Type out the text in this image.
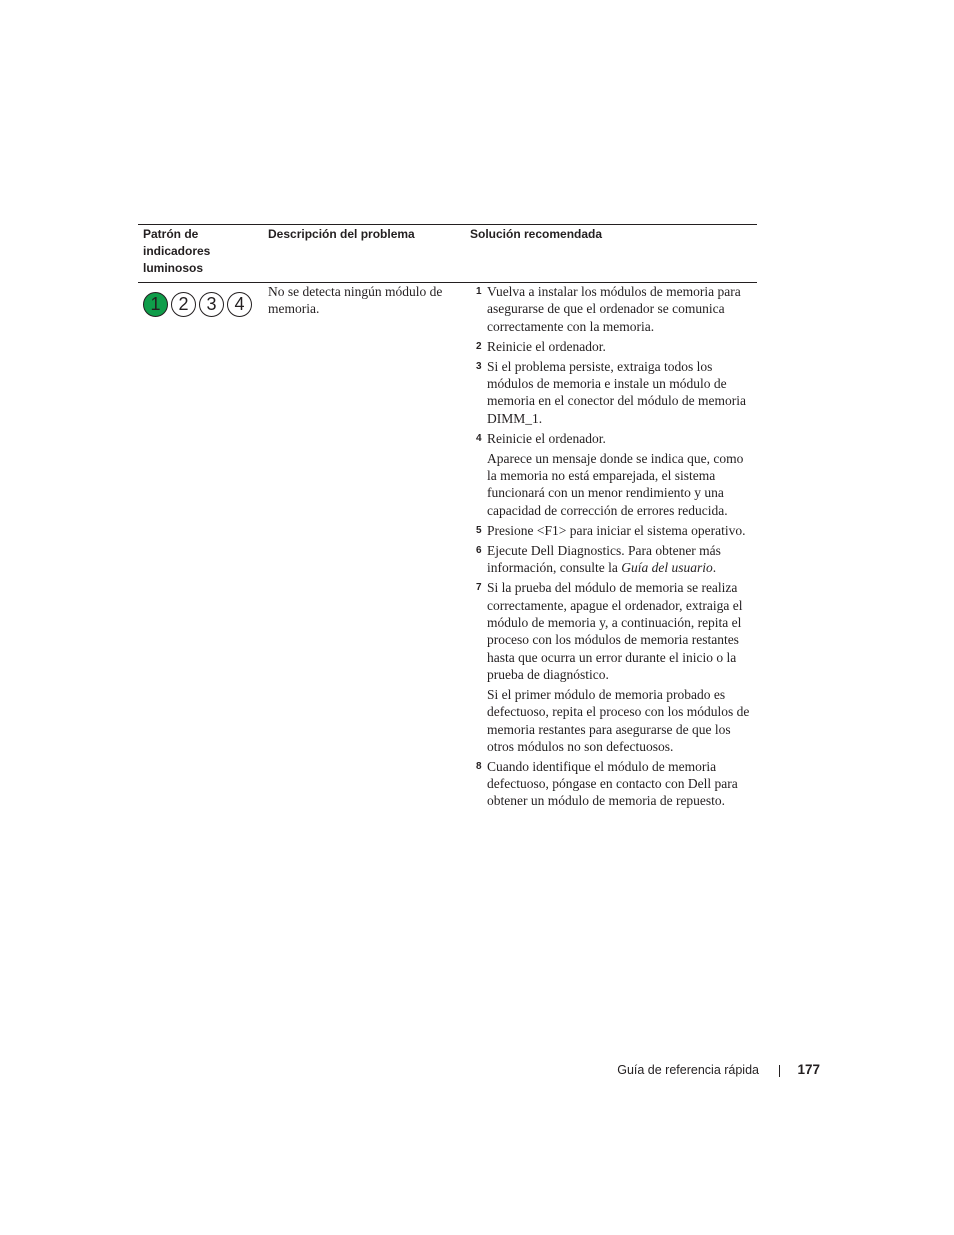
Patrón de indicadores luminosos
Descripción del problema	Solución recomendada
1 2 3 4
No se detecta ningún módulo de memoria.
1 Vuelva a instalar los módulos de memoria para asegurarse de que el ordenador se comunica correctamente con la memoria.
2 Reinicie el ordenador.
3 Si el problema persiste, extraiga todos los módulos de memoria e instale un módulo de memoria en el conector del módulo de memoria DIMM_1.
4 Reinicie el ordenador.
Aparece un mensaje donde se indica que, como la memoria no está emparejada, el sistema funcionará con un menor rendimiento y una capacidad de corrección de errores reducida.
5 Presione <F1> para iniciar el sistema operativo.
6 Ejecute Dell Diagnostics. Para obtener más información, consulte la Guía del usuario.
7 Si la prueba del módulo de memoria se realiza correctamente, apague el ordenador, extraiga el módulo de memoria y, a continuación, repita el proceso con los módulos de memoria restantes hasta que ocurra un error durante el inicio o la prueba de diagnóstico.
Si el primer módulo de memoria probado es defectuoso, repita el proceso con los módulos de memoria restantes para asegurarse de que los otros módulos no son defectuosos.
8 Cuando identifique el módulo de memoria defectuoso, póngase en contacto con Dell para obtener un módulo de memoria de repuesto.
Guía de referencia rápida	177
